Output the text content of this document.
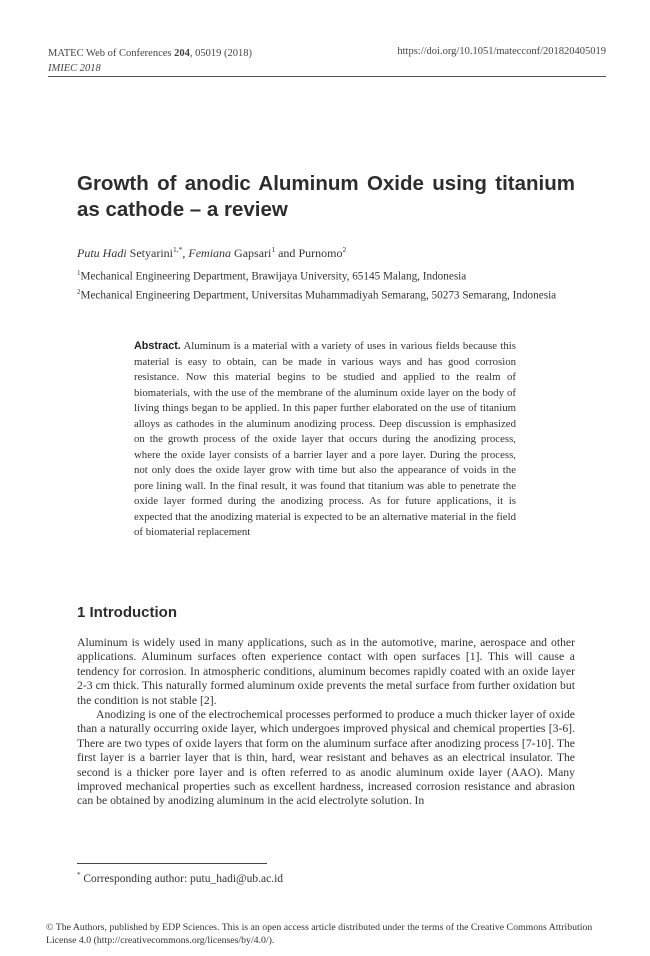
MATEC Web of Conferences 204, 05019 (2018)
IMIEC 2018
https://doi.org/10.1051/matecconf/201820405019
Growth of anodic Aluminum Oxide using titanium as cathode – a review
Putu Hadi Setyarini$^{1,*}$, Femiana Gapsari$^1$ and Purnomo$^2$
$^1$Mechanical Engineering Department, Brawijaya University, 65145 Malang, Indonesia
$^2$Mechanical Engineering Department, Universitas Muhammadiyah Semarang, 50273 Semarang, Indonesia
Abstract. Aluminum is a material with a variety of uses in various fields because this material is easy to obtain, can be made in various ways and has good corrosion resistance. Now this material begins to be studied and applied to the realm of biomaterials, with the use of the membrane of the aluminum oxide layer on the body of living things began to be applied. In this paper further elaborated on the use of titanium alloys as cathodes in the aluminum anodizing process. Deep discussion is emphasized on the growth process of the oxide layer that occurs during the anodizing process, where the oxide layer consists of a barrier layer and a pore layer. During the process, not only does the oxide layer grow with time but also the appearance of voids in the pore lining wall. In the final result, it was found that titanium was able to penetrate the oxide layer formed during the anodizing process. As for future applications, it is expected that the anodizing material is expected to be an alternative material in the field of biomaterial replacement
1 Introduction

Aluminum is widely used in many applications, such as in the automotive, marine, aerospace and other applications. Aluminum surfaces often experience contact with open surfaces [1]. This will cause a tendency for corrosion. In atmospheric conditions, aluminum becomes rapidly coated with an oxide layer 2-3 cm thick. This naturally formed aluminum oxide prevents the metal surface from further oxidation but the condition is not stable [2].

Anodizing is one of the electrochemical processes performed to produce a much thicker layer of oxide than a naturally occurring oxide layer, which undergoes improved physical and chemical properties [3-6]. There are two types of oxide layers that form on the aluminum surface after anodizing process [7-10]. The first layer is a barrier layer that is thin, hard, wear resistant and behaves as an electrical insulator. The second is a thicker pore layer and is often referred to as anodic aluminum oxide layer (AAO). Many improved mechanical properties such as excellent hardness, increased corrosion resistance and abrasion can be obtained by anodizing aluminum in the acid electrolyte solution. In

* Corresponding author: putu_hadi@ub.ac.id
© The Authors, published by EDP Sciences. This is an open access article distributed under the terms of the Creative Commons Attribution License 4.0 (http://creativecommons.org/licenses/by/4.0/).
